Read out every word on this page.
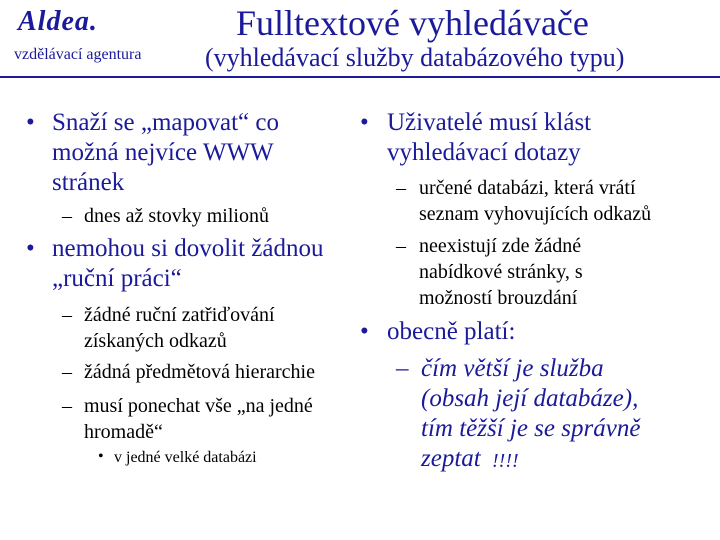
Aldea.
vzdělávací agentura
Fulltextové vyhledávače
(vyhledávací služby databázového typu)
• Snaží se „mapovat“ co
možná nejvíce WWW
stránek
– dnes až stovky milionů
• nemohou si dovolit žádnou
„ruční práci“
– žádné ruční zatřiďování
získaných odkazů
– žádná předmětová hierarchie
– musí ponechat vše „na jedné
hromadě“
• v jedné velké databázi
• Uživatelé musí klást
vyhledávací dotazy
– určené databázi, která vrátí
seznam vyhovujících odkazů
– neexistují zde žádné
nabídkové stránky, s
možností brouzdání
• obecně platí:
– čím větší je služba
(obsah její databáze),
tím těžší je se správně
zeptat !!!!
